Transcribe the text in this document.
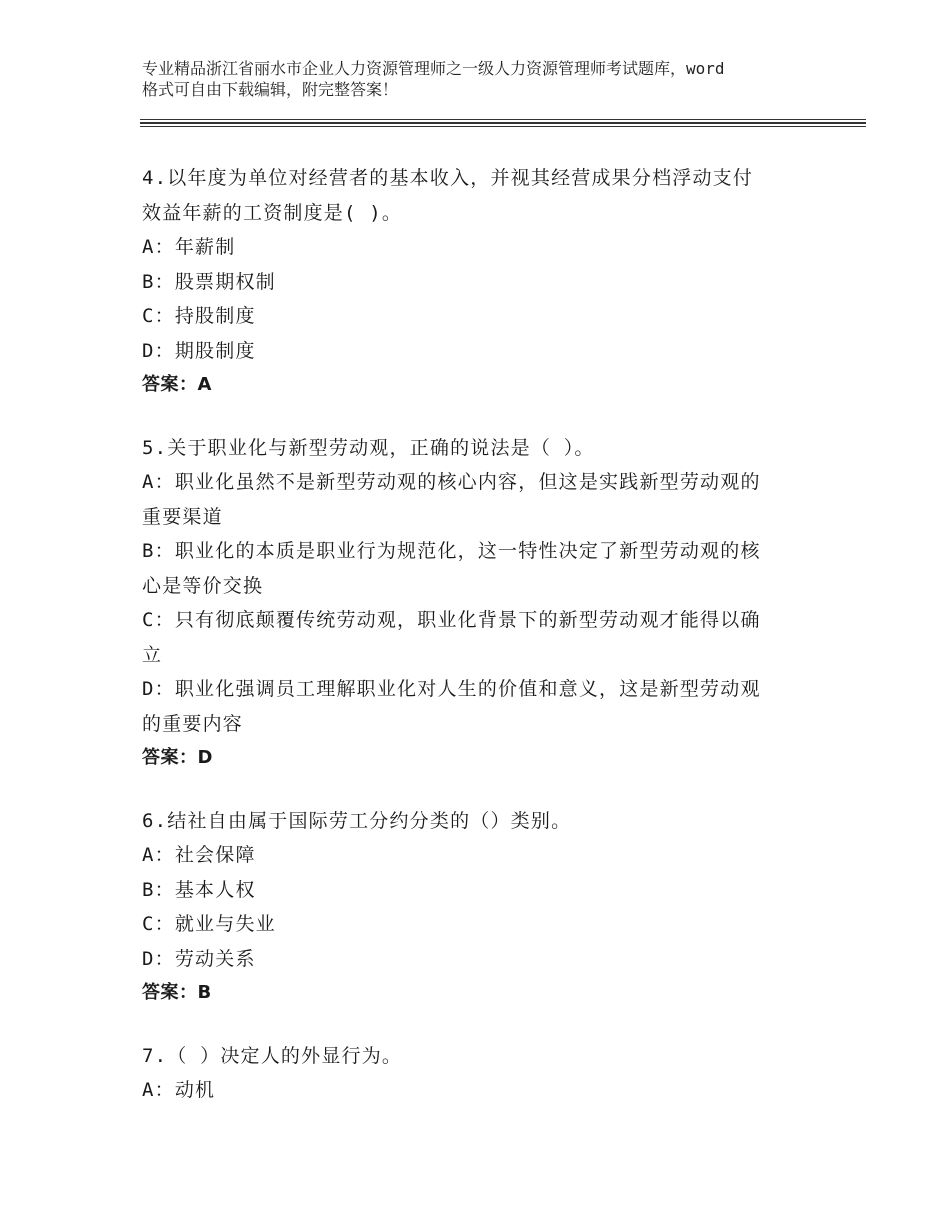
专业精品浙江省丽水市企业人力资源管理师之一级人力资源管理师考试题库，word
格式可自由下载编辑，附完整答案！

4.以年度为单位对经营者的基本收入，并视其经营成果分档浮动支付

效益年薪的工资制度是( )。

A：年薪制

B：股票期权制

C：持股制度

D：期股制度

答案：A

5.关于职业化与新型劳动观，正确的说法是（ ）。

A：职业化虽然不是新型劳动观的核心内容，但这是实践新型劳动观的

重要渠道

B：职业化的本质是职业行为规范化，这一特性决定了新型劳动观的核

心是等价交换

C：只有彻底颠覆传统劳动观，职业化背景下的新型劳动观才能得以确

立

D：职业化强调员工理解职业化对人生的价值和意义，这是新型劳动观

的重要内容

答案：D

6.结社自由属于国际劳工分约分类的（）类别。

A：社会保障

B：基本人权

C：就业与失业

D：劳动关系

答案：B

7.（ ）决定人的外显行为。

A：动机
